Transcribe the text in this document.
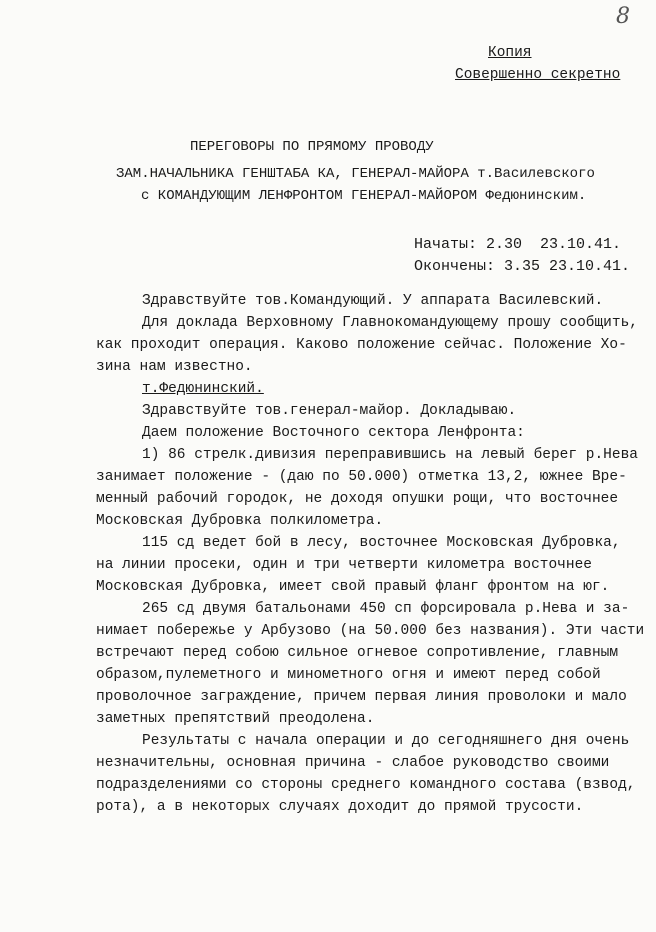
8
Копия
Совершенно секретно
ПЕРЕГОВОРЫ ПО ПРЯМОМУ ПРОВОДУ
ЗАМ.НАЧАЛЬНИКА ГЕНШТАБА КА, ГЕНЕРАЛ-МАЙОРА т.Василевского
с КОМАНДУЮЩИМ ЛЕНФРОНТОМ ГЕНЕРАЛ-МАЙОРОМ Федюнинским.
Начаты: 2.30  23.10.41.
Окончены: 3.35 23.10.41.
Здравствуйте тов.Командующий. У аппарата Василевский.
Для доклада Верховному Главнокомандующему прошу сообщить,
как проходит операция. Каково положение сейчас. Положение Хо-
зина нам известно.
т.Федюнинский.
Здравствуйте тов.генерал-майор. Докладываю.
Даем положение Восточного сектора Ленфронта:
1) 86 стрелк.дивизия переправившись на левый берег р.Нева
занимает положение - (даю по 50.000) отметка 13,2, южнее Вре-
менный рабочий городок, не доходя опушки рощи, что восточнее
Московская Дубровка полкилометра.
115 сд ведет бой в лесу, восточнее Московская Дубровка,
на линии просеки, один и три четверти километра восточнее
Московская Дубровка, имеет свой правый фланг фронтом на юг.
265 сд двумя батальонами 450 сп форсировала р.Нева и за-
нимает побережье у Арбузово (на 50.000 без названия). Эти части
встречают перед собою сильное огневое сопротивление, главным
образом,пулеметного и минометного огня и имеют перед собой
проволочное заграждение, причем первая линия проволоки и мало
заметных препятствий преодолена.
Результаты с начала операции и до сегодняшнего дня очень
незначительны, основная причина - слабое руководство своими
подразделениями со стороны среднего командного состава (взвод,
рота), а в некоторых случаях доходит до прямой трусости.
